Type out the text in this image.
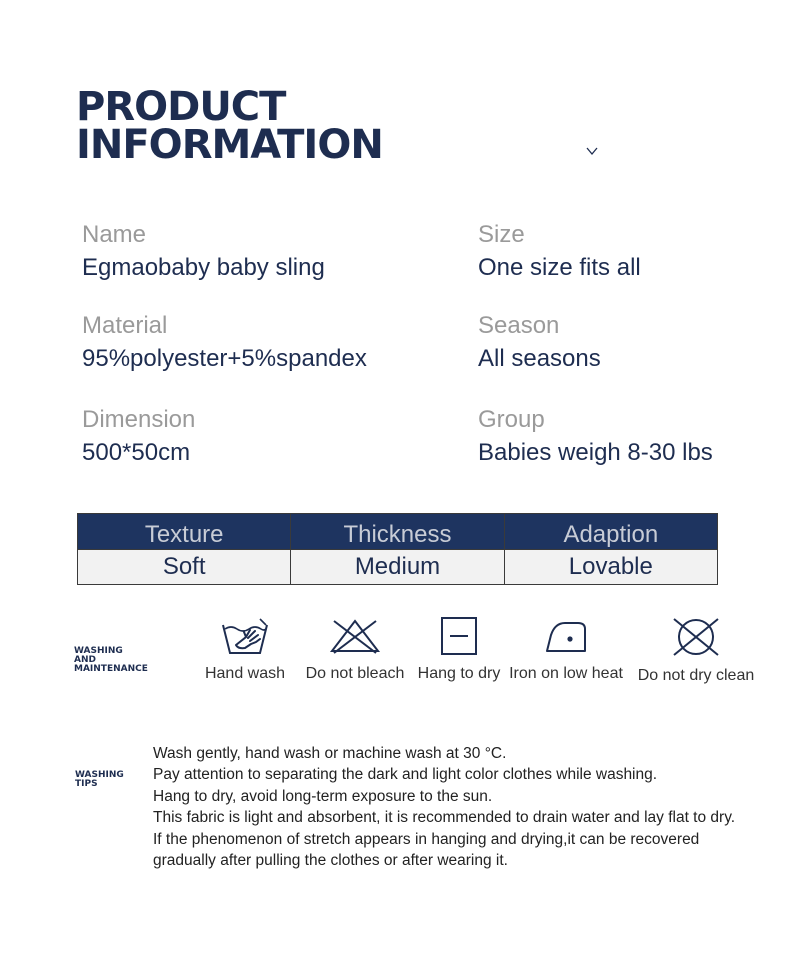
PRODUCT
INFORMATION
Name
Egmaobaby baby sling
Size
One size fits all
Material
95%polyester+5%spandex
Season
All seasons
Dimension
500*50cm
Group
Babies weigh 8-30 lbs
Texture	Thickness	Adaption
Soft	Medium	Lovable
WASHING
AND
MAINTENANCE	Hand wash	Do not bleach Hang to dry Iron on low heat Do not dry clean
WASHING
TIPS
Wash gently, hand wash or machine wash at 30 °C.
Pay attention to separating the dark and light color clothes while washing.
Hang to dry, avoid long-term exposure to the sun.
This fabric is light and absorbent, it is recommended to drain water and lay flat to dry.
If the phenomenon of stretch appears in hanging and drying,it can be recovered
gradually after pulling the clothes or after wearing it.
